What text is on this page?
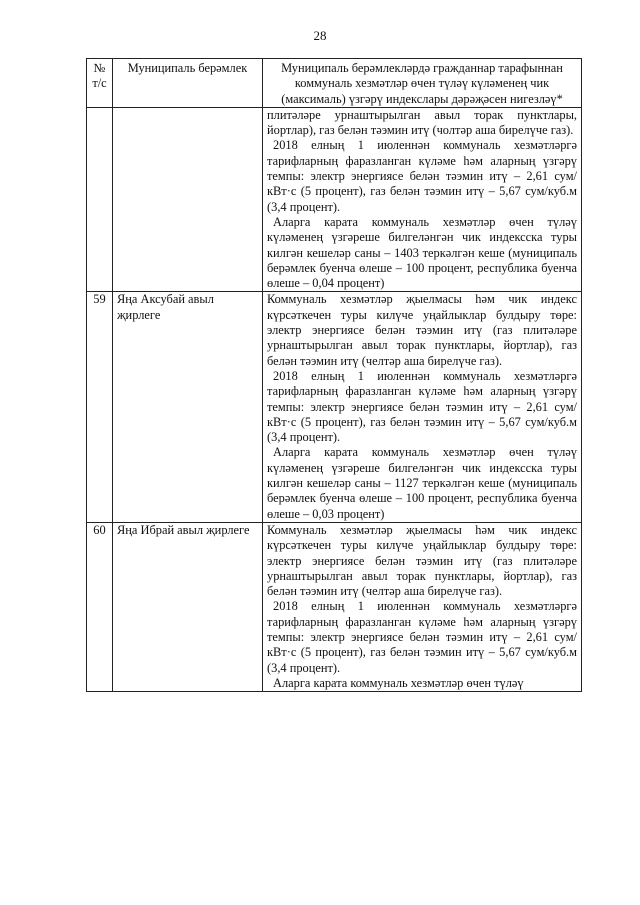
28
№ т/с	Муниципаль берәмлек	Муниципаль берәмлекләрдә гражданнар тарафыннан коммуналь хезмәтләр өчен түләү күләменең чик (максималь) үзгәрү индекслары дәрәҗәсен нигезләү*

		плитәләре урнаштырылган авыл торак пунктлары, йортлар), газ белән тәэмин итү (чолтәр аша бирелүче газ).
2018 елның 1 июленнән коммуналь хезмәтләргә тарифларның фаразланган күләме һәм аларның үзгәрү темпы: электр энергиясе белән тәэмин итү – 2,61 сум/кВт·с (5 процент), газ белән тәэмин итү – 5,67 сум/куб.м (3,4 процент).
Аларга карата коммуналь хезмәтләр өчен түләү күләменең үзгәреше билгеләнгән чик индексска туры килгән кешеләр саны – 1403 теркәлгән кеше (муниципаль берәмлек буенча өлеше – 100 процент, республика буенча өлеше – 0,04 процент)

59	Яңа Аксубай авыл җирлеге	Коммуналь хезмәтләр җыелмасы һәм чик индекс күрсәткечен туры килүче уңайлыклар булдыру төре: электр энергиясе белән тәэмин итү (газ плитәләре урнаштырылган авыл торак пунктлары, йортлар), газ белән тәэмин итү (челтәр аша бирелүче газ).
2018 елның 1 июленнән коммуналь хезмәтләргә тарифларның фаразланган күләме һәм аларның үзгәрү темпы: электр энергиясе белән тәэмин итү – 2,61 сум/кВт·с (5 процент), газ белән тәэмин итү – 5,67 сум/куб.м (3,4 процент).
Аларга карата коммуналь хезмәтләр өчен түләү күләменең үзгәреше билгеләнгән чик индексска туры килгән кешеләр саны – 1127 теркәлгән кеше (муниципаль берәмлек буенча өлеше – 100 процент, республика буенча өлеше – 0,03 процент)

60	Яңа Ибрай авыл җирлеге	Коммуналь хезмәтләр җыелмасы һәм чик индекс күрсәткечен туры килүче уңайлыклар булдыру төре: электр энергиясе белән тәэмин итү (газ плитәләре урнаштырылган авыл торак пунктлары, йортлар), газ белән тәэмин итү (челтәр аша бирелүче газ).
2018 елның 1 июленнән коммуналь хезмәтләргә тарифларның фаразланган күләме һәм аларның үзгәрү темпы: электр энергиясе белән тәэмин итү – 2,61 сум/кВт·с (5 процент), газ белән тәэмин итү – 5,67 сум/куб.м (3,4 процент).
Аларга карата коммуналь хезмәтләр өчен түләү
